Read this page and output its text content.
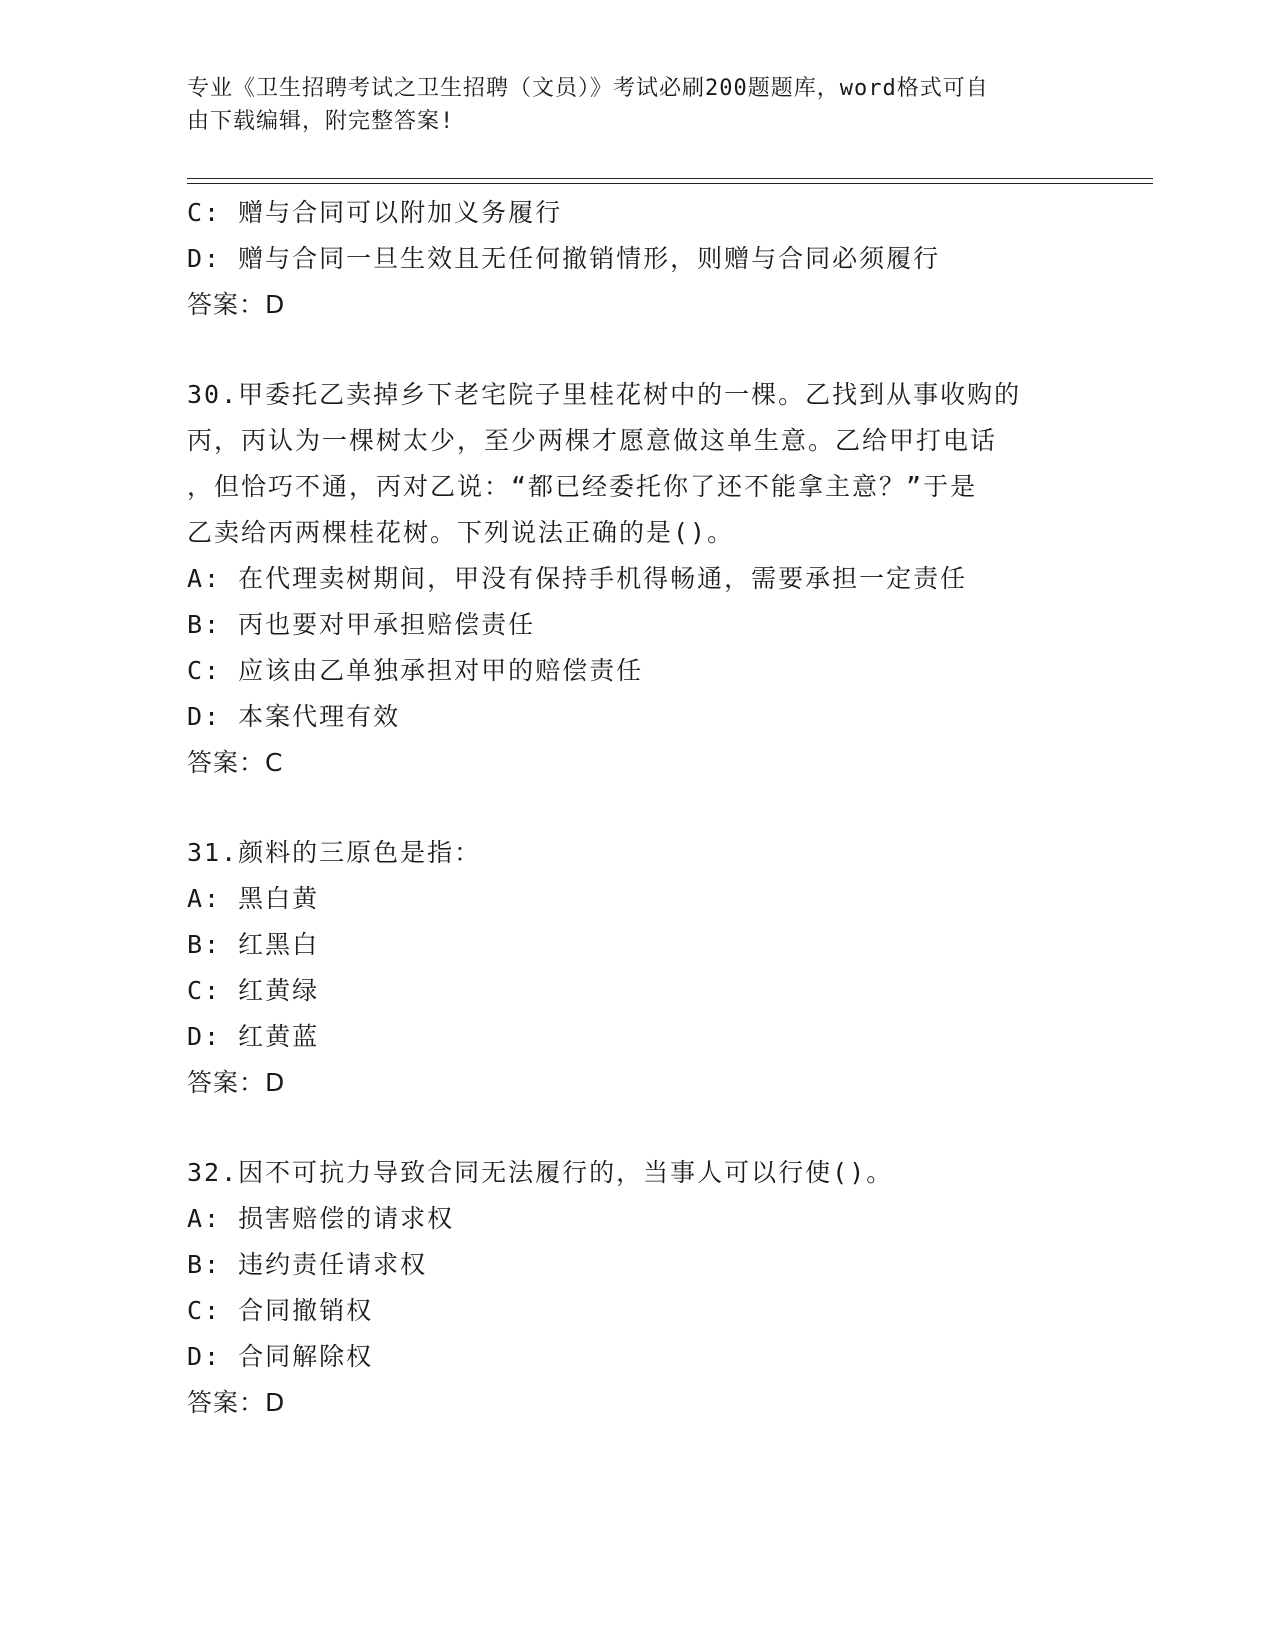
专业《卫生招聘考试之卫生招聘（文员）》考试必刷200题题库，word格式可自
由下载编辑，附完整答案!
C: 赠与合同可以附加义务履行
D: 赠与合同一旦生效且无任何撤销情形，则赠与合同必须履行
答案：D
30.甲委托乙卖掉乡下老宅院子里桂花树中的一棵。乙找到从事收购的
丙，丙认为一棵树太少，至少两棵才愿意做这单生意。乙给甲打电话
，但恰巧不通，丙对乙说：“都已经委托你了还不能拿主意？”于是
乙卖给丙两棵桂花树。下列说法正确的是()。
A: 在代理卖树期间，甲没有保持手机得畅通，需要承担一定责任
B: 丙也要对甲承担赔偿责任
C: 应该由乙单独承担对甲的赔偿责任
D: 本案代理有效
答案：C
31.颜料的三原色是指：
A: 黑白黄
B: 红黑白
C: 红黄绿
D: 红黄蓝
答案：D
32.因不可抗力导致合同无法履行的，当事人可以行使()。
A: 损害赔偿的请求权
B: 违约责任请求权
C: 合同撤销权
D: 合同解除权
答案：D
